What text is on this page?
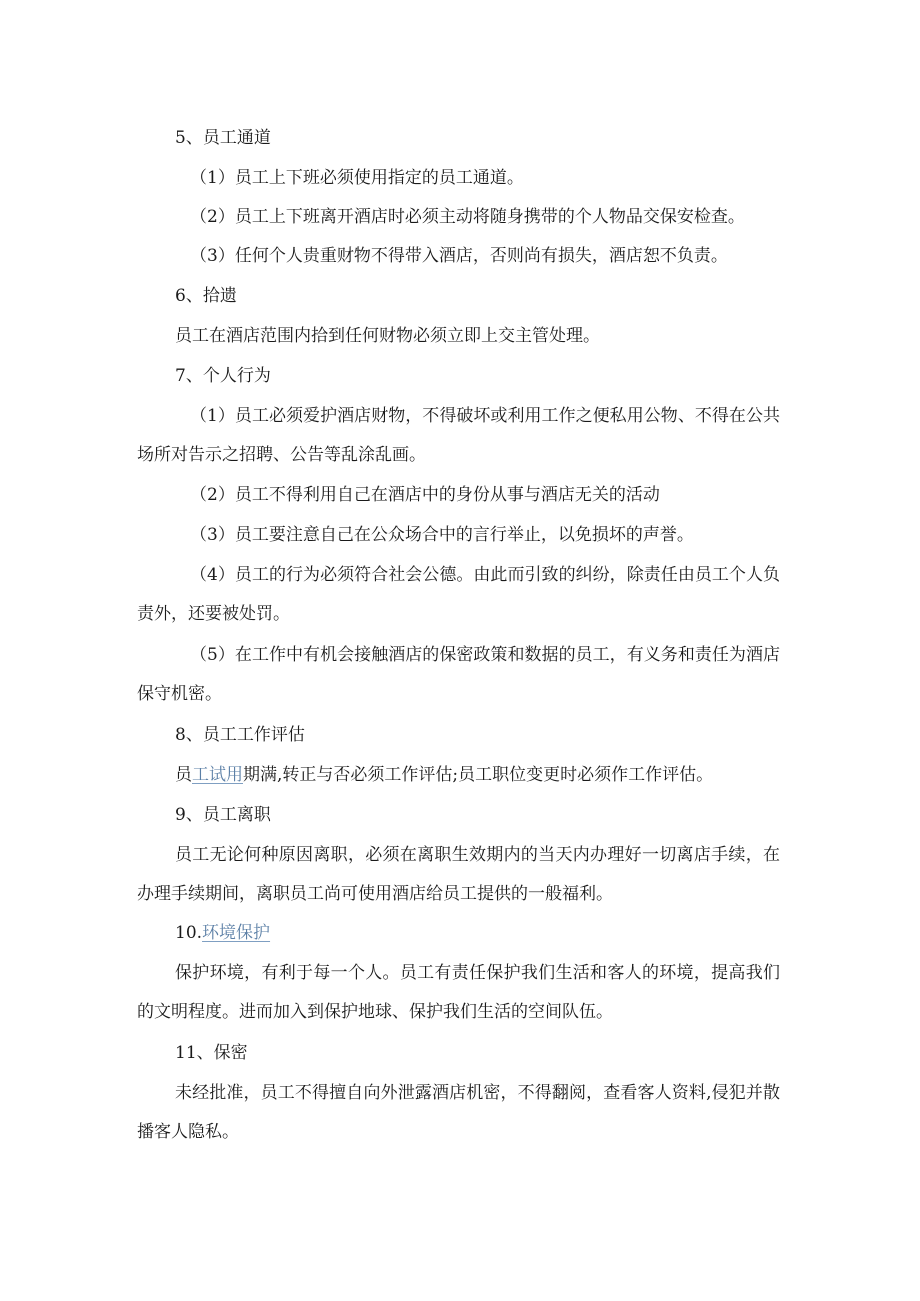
5、员工通道

（1）员工上下班必须使用指定的员工通道。

（2）员工上下班离开酒店时必须主动将随身携带的个人物品交保安检查。

（3）任何个人贵重财物不得带入酒店，否则尚有损失，酒店恕不负责。

6、拾遗

员工在酒店范围内拾到任何财物必须立即上交主管处理。

7、个人行为

（1）员工必须爱护酒店财物，不得破坏或利用工作之便私用公物、不得在公共

场所对告示之招聘、公告等乱涂乱画。

（2）员工不得利用自己在酒店中的身份从事与酒店无关的活动

（3）员工要注意自己在公众场合中的言行举止，以免损坏的声誉。

（4）员工的行为必须符合社会公德。由此而引致的纠纷，除责任由员工个人负

责外，还要被处罚。

（5）在工作中有机会接触酒店的保密政策和数据的员工，有义务和责任为酒店

保守机密。

8、员工工作评估

员工试用期满,转正与否必须工作评估;员工职位变更时必须作工作评估。

9、员工离职

员工无论何种原因离职，必须在离职生效期内的当天内办理好一切离店手续，在

办理手续期间，离职员工尚可使用酒店给员工提供的一般福利。

10.环境保护

保护环境，有利于每一个人。员工有责任保护我们生活和客人的环境，提高我们

的文明程度。进而加入到保护地球、保护我们生活的空间队伍。

11、保密

未经批准，员工不得擅自向外泄露酒店机密，不得翻阅，查看客人资料,侵犯并散

播客人隐私。
